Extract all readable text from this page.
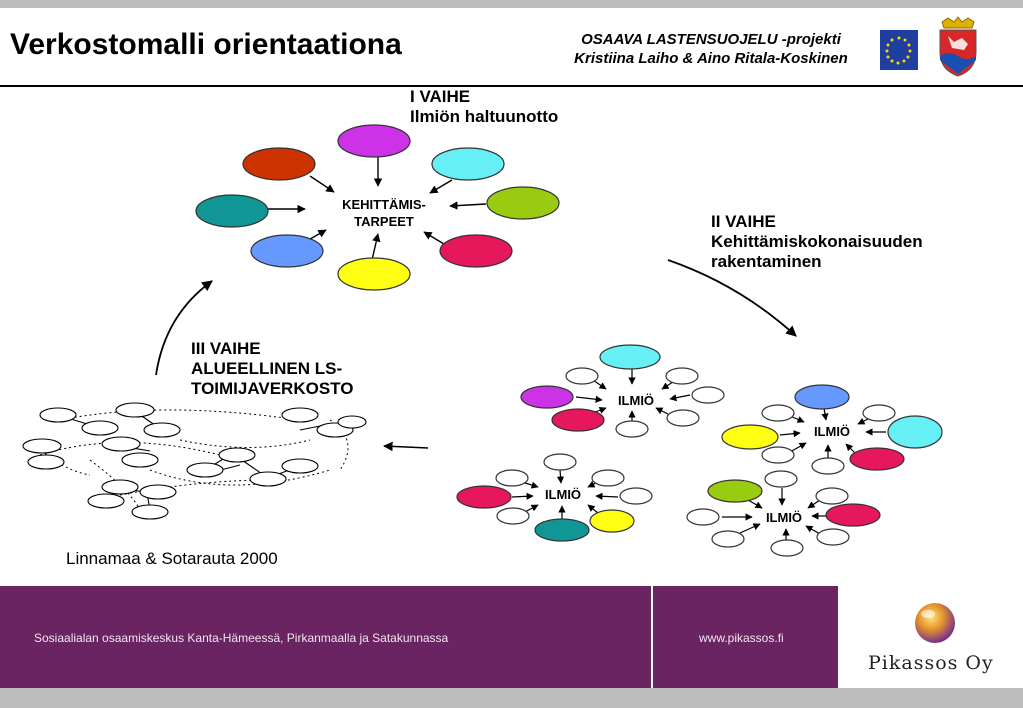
Verkostomalli orientaationa	OSAAVA LASTENSUOJELU -projekti
Kristiina Laiho & Aino Ritala-Koskinen
I VAIHE
Ilmiön haltuunotto
II VAIHE
Kehittämiskokonaisuuden
rakentaminen
III VAIHE
ALUEELLINEN LS-
TOIMIJAVERKOSTO
KEHITTÄMIS-
TARPEET
ILMIÖ
ILMIÖ
ILMIÖ
ILMIÖ
Linnamaa & Sotarauta 2000
Sosiaalialan osaamiskeskus Kanta-Hämeessä, Pirkanmaalla ja Satakunnassa	www.pikassos.fi
Pikassos Oy
